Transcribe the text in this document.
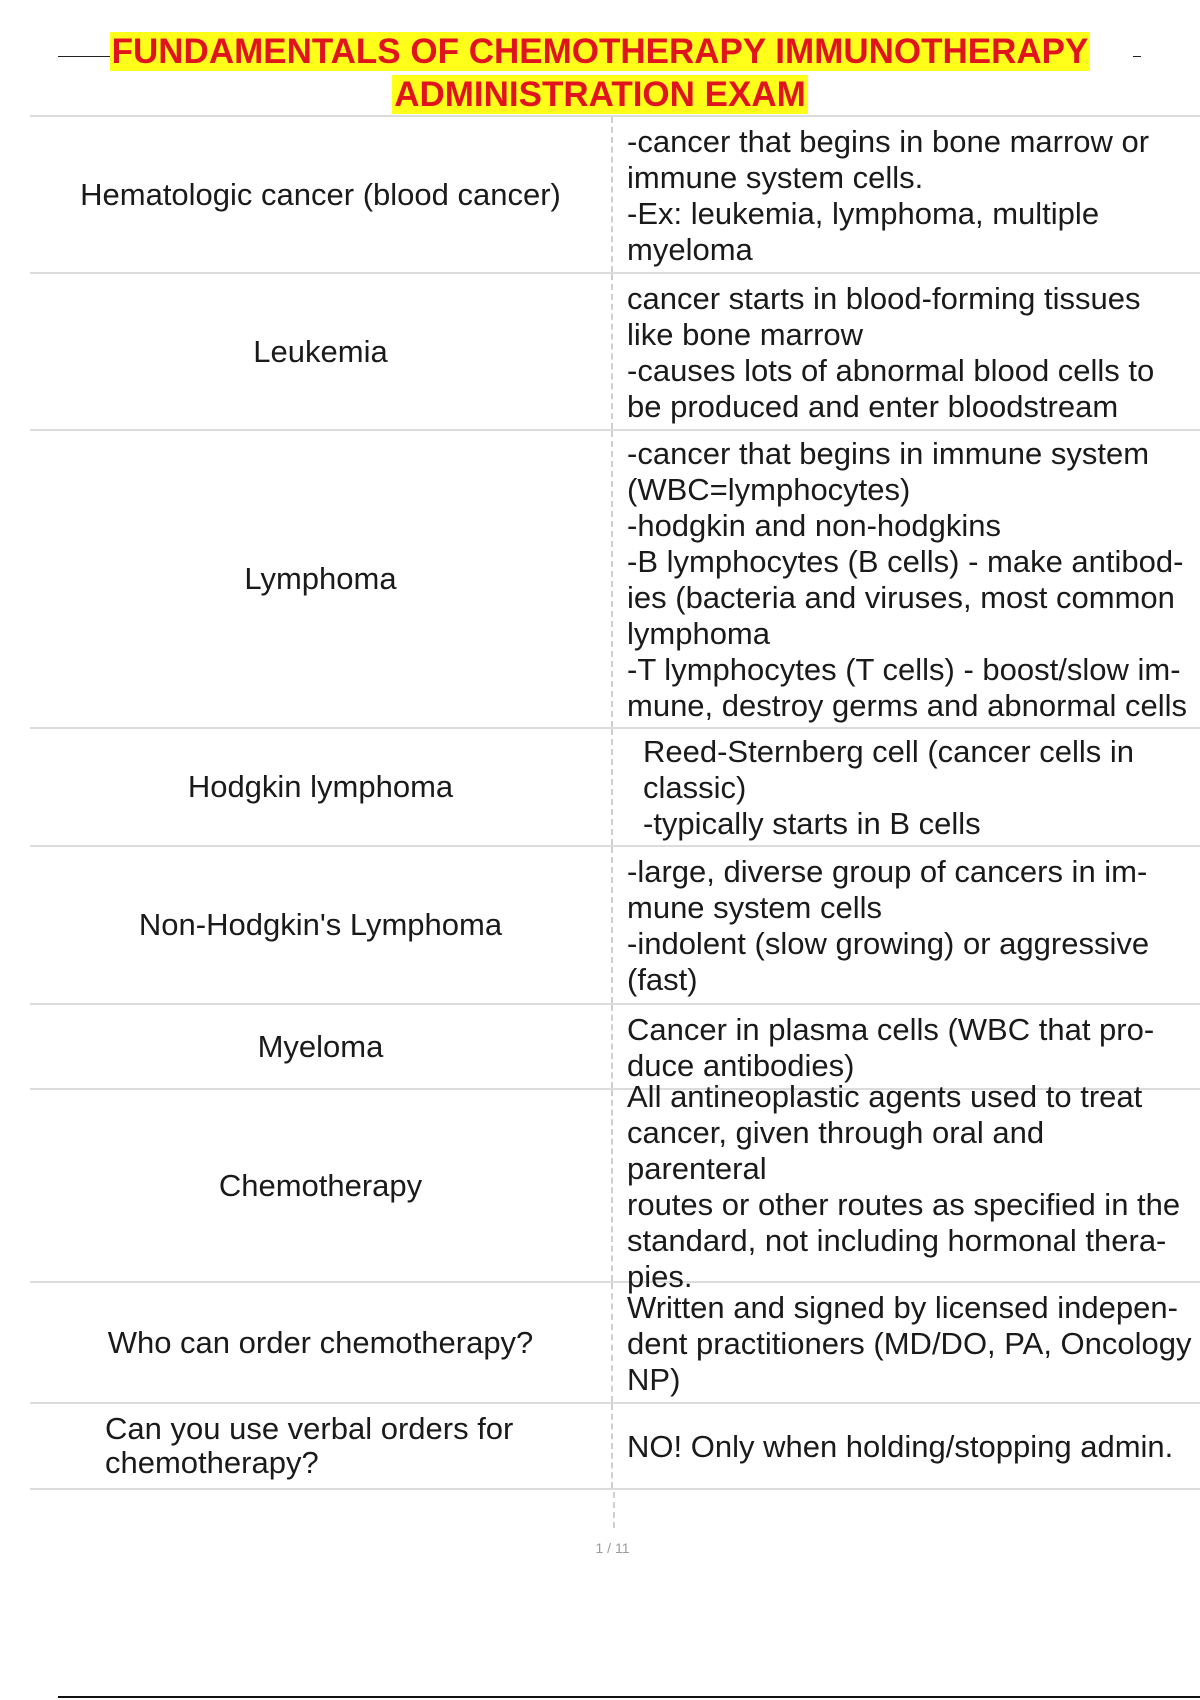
FUNDAMENTALS OF CHEMOTHERAPY IMMUNOTHERAPY
ADMINISTRATION EXAM
Hematologic cancer (blood cancer)
-cancer that begins in bone marrow or
immune system cells.
-Ex: leukemia, lymphoma, multiple
myeloma
Leukemia
cancer starts in blood-forming tissues
like bone marrow
-causes lots of abnormal blood cells to
be produced and enter bloodstream
Lymphoma
-cancer that begins in immune system
(WBC=lymphocytes)
-hodgkin and non-hodgkins
-B lymphocytes (B cells) - make antibod-
ies (bacteria and viruses, most common
lymphoma
-T lymphocytes (T cells) - boost/slow im-
mune, destroy germs and abnormal cells
Hodgkin lymphoma
Reed-Sternberg cell (cancer cells in
classic)
-typically starts in B cells
Non-Hodgkin's Lymphoma
-large, diverse group of cancers in im-
mune system cells
-indolent (slow growing) or aggressive
(fast)
Myeloma	Cancer in plasma cells (WBC that pro-
duce antibodies)
Chemotherapy
All antineoplastic agents used to treat
cancer, given through oral and parenteral
routes or other routes as specified in the
standard, not including hormonal thera-
pies.
Who can order chemotherapy?
Written and signed by licensed indepen-
dent practitioners (MD/DO, PA, Oncology
NP)
Can you use verbal orders for
chemotherapy?	NO! Only when holding/stopping admin.
1 / 11
